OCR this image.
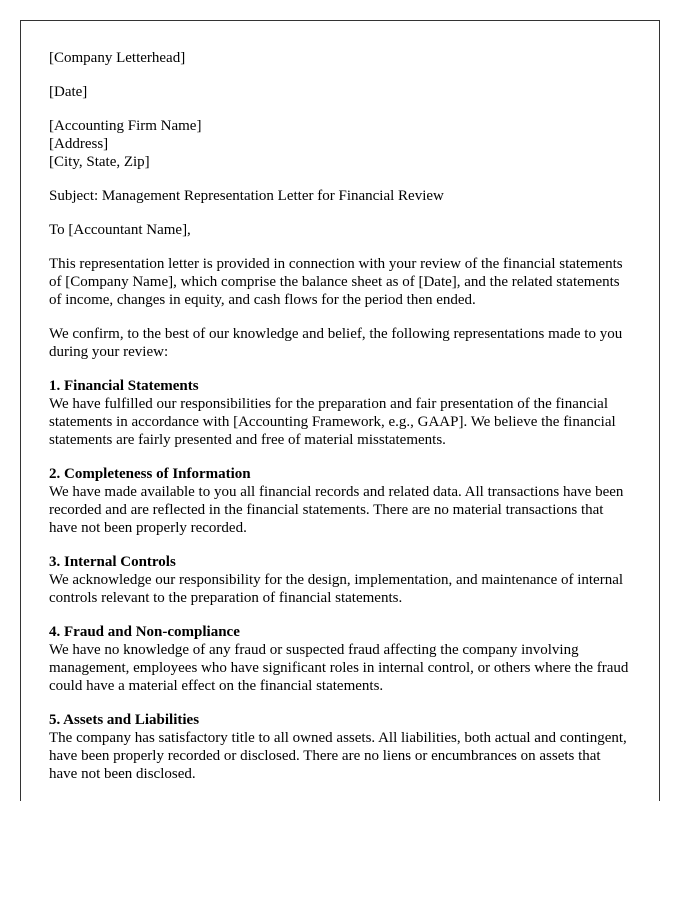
[Company Letterhead]
[Date]
[Accounting Firm Name]
[Address]
[City, State, Zip]
Subject: Management Representation Letter for Financial Review
To [Accountant Name],

This representation letter is provided in connection with your review of the financial statements of [Company Name], which comprise the balance sheet as of [Date], and the related statements of income, changes in equity, and cash flows for the period then ended.

We confirm, to the best of our knowledge and belief, the following representations made to you during your review:

1. Financial Statements

We have fulfilled our responsibilities for the preparation and fair presentation of the financial statements in accordance with [Accounting Framework, e.g., GAAP]. We believe the financial statements are fairly presented and free of material misstatements.

2. Completeness of Information

We have made available to you all financial records and related data. All transactions have been recorded and are reflected in the financial statements. There are no material transactions that have not been properly recorded.

3. Internal Controls

We acknowledge our responsibility for the design, implementation, and maintenance of internal controls relevant to the preparation of financial statements.

4. Fraud and Non-compliance

We have no knowledge of any fraud or suspected fraud affecting the company involving management, employees who have significant roles in internal control, or others where the fraud could have a material effect on the financial statements.

5. Assets and Liabilities

The company has satisfactory title to all owned assets. All liabilities, both actual and contingent, have been properly recorded or disclosed. There are no liens or encumbrances on assets that have not been disclosed.
